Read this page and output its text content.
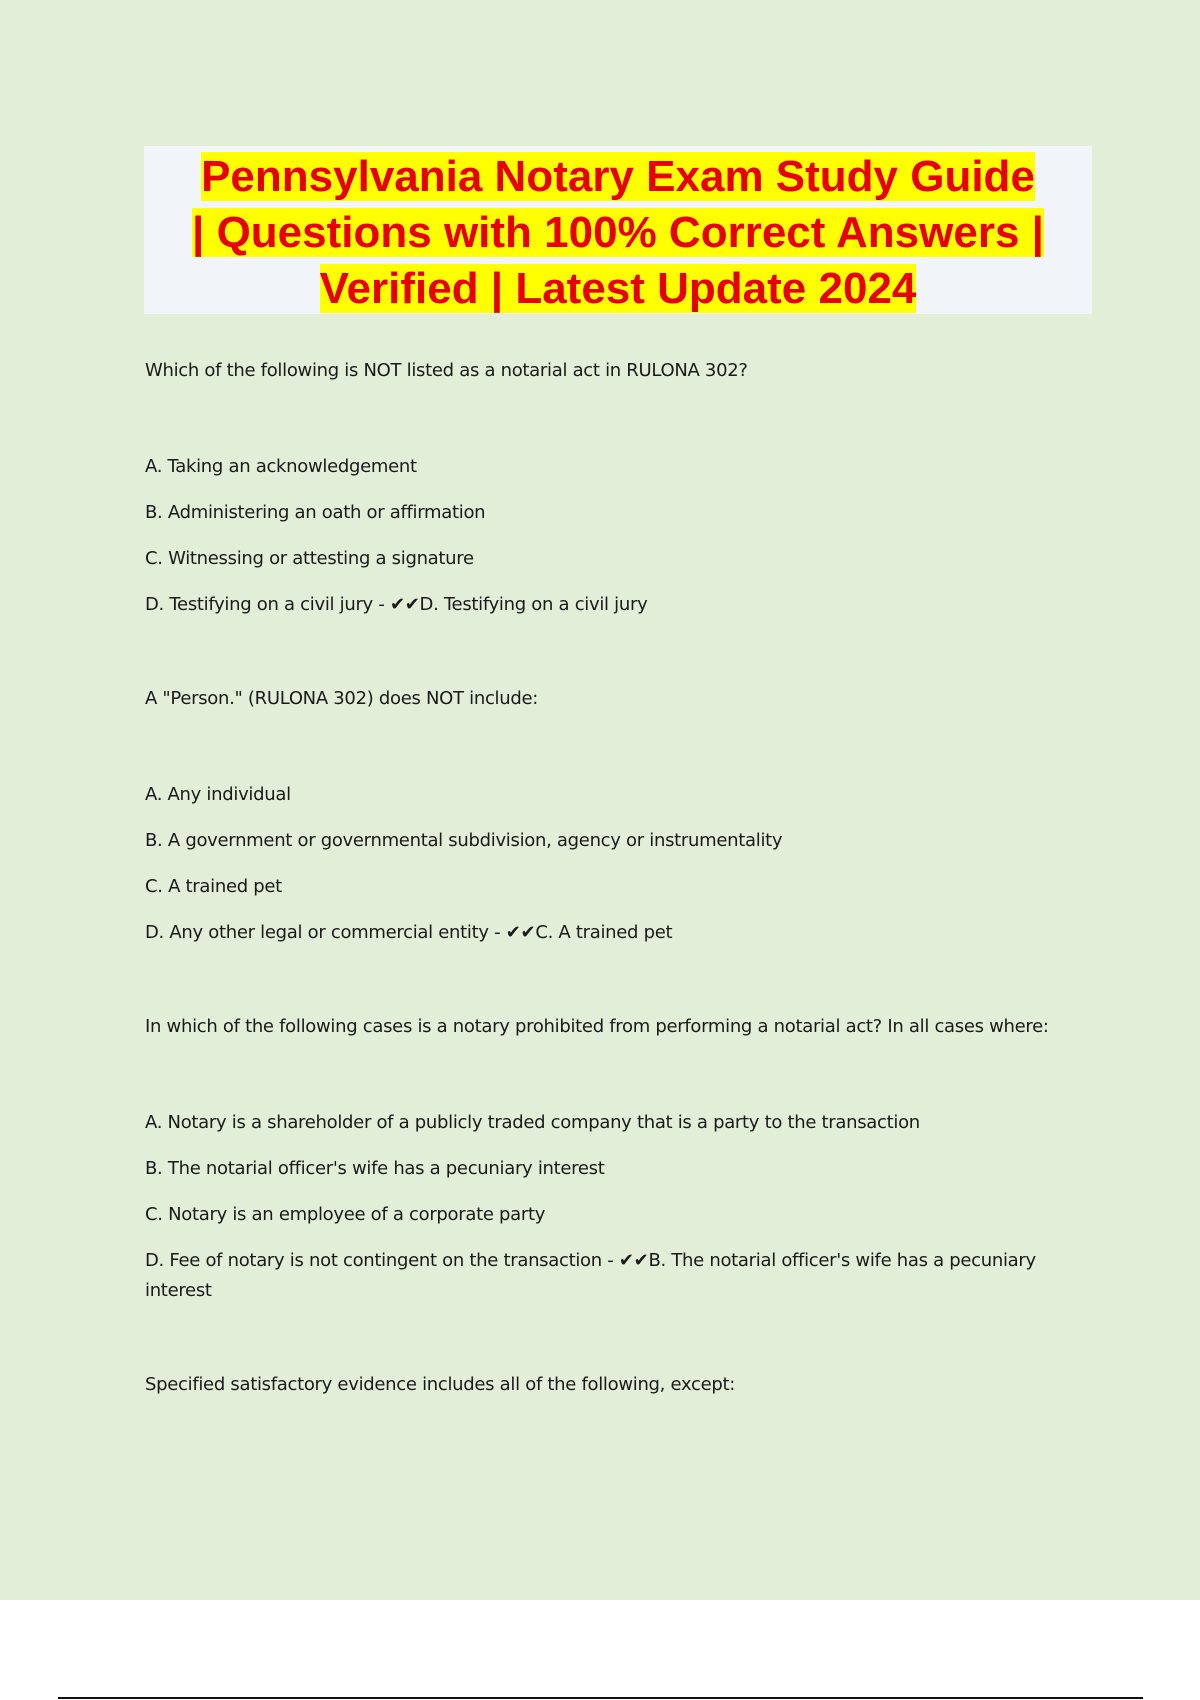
Pennsylvania Notary Exam Study Guide
| Questions with 100% Correct Answers |
Verified | Latest Update 2024

Which of the following is NOT listed as a notarial act in RULONA 302?

A. Taking an acknowledgement

B. Administering an oath or affirmation

C. Witnessing or attesting a signature

D. Testifying on a civil jury - ✔✔D. Testifying on a civil jury

A "Person." (RULONA 302) does NOT include:

A. Any individual

B. A government or governmental subdivision, agency or instrumentality

C. A trained pet

D. Any other legal or commercial entity - ✔✔C. A trained pet

In which of the following cases is a notary prohibited from performing a notarial act? In all cases where:

A. Notary is a shareholder of a publicly traded company that is a party to the transaction

B. The notarial officer's wife has a pecuniary interest

C. Notary is an employee of a corporate party

D. Fee of notary is not contingent on the transaction - ✔✔B. The notarial officer's wife has a pecuniary interest

Specified satisfactory evidence includes all of the following, except:
